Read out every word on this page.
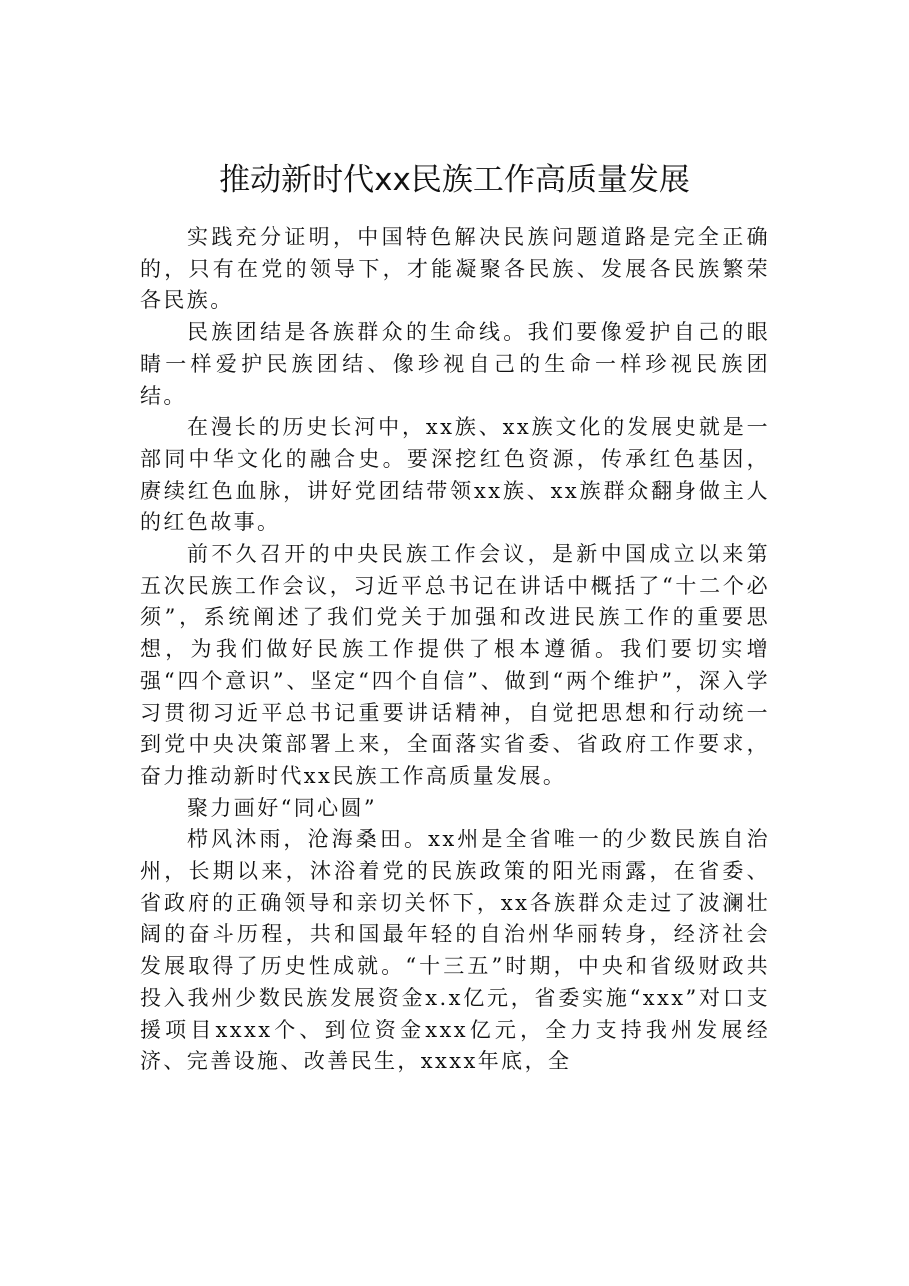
推动新时代xx民族工作高质量发展

实践充分证明，中国特色解决民族问题道路是完全正确的，只有在党的领导下，才能凝聚各民族、发展各民族繁荣各民族。

民族团结是各族群众的生命线。我们要像爱护自己的眼睛一样爱护民族团结、像珍视自己的生命一样珍视民族团结。

在漫长的历史长河中，xx族、xx族文化的发展史就是一部同中华文化的融合史。要深挖红色资源，传承红色基因，赓续红色血脉，讲好党团结带领xx族、xx族群众翻身做主人的红色故事。

前不久召开的中央民族工作会议，是新中国成立以来第五次民族工作会议，习近平总书记在讲话中概括了“十二个必须”，系统阐述了我们党关于加强和改进民族工作的重要思想，为我们做好民族工作提供了根本遵循。我们要切实增强“四个意识”、坚定“四个自信”、做到“两个维护”，深入学习贯彻习近平总书记重要讲话精神，自觉把思想和行动统一到党中央决策部署上来，全面落实省委、省政府工作要求，奋力推动新时代xx民族工作高质量发展。

聚力画好“同心圆”

栉风沐雨，沧海桑田。xx州是全省唯一的少数民族自治州，长期以来，沐浴着党的民族政策的阳光雨露，在省委、省政府的正确领导和亲切关怀下，xx各族群众走过了波澜壮阔的奋斗历程，共和国最年轻的自治州华丽转身，经济社会发展取得了历史性成就。“十三五”时期，中央和省级财政共投入我州少数民族发展资金x.x亿元，省委实施“xxx”对口支援项目xxxx个、到位资金xxx亿元，全力支持我州发展经济、完善设施、改善民生，xxxx年底，全
